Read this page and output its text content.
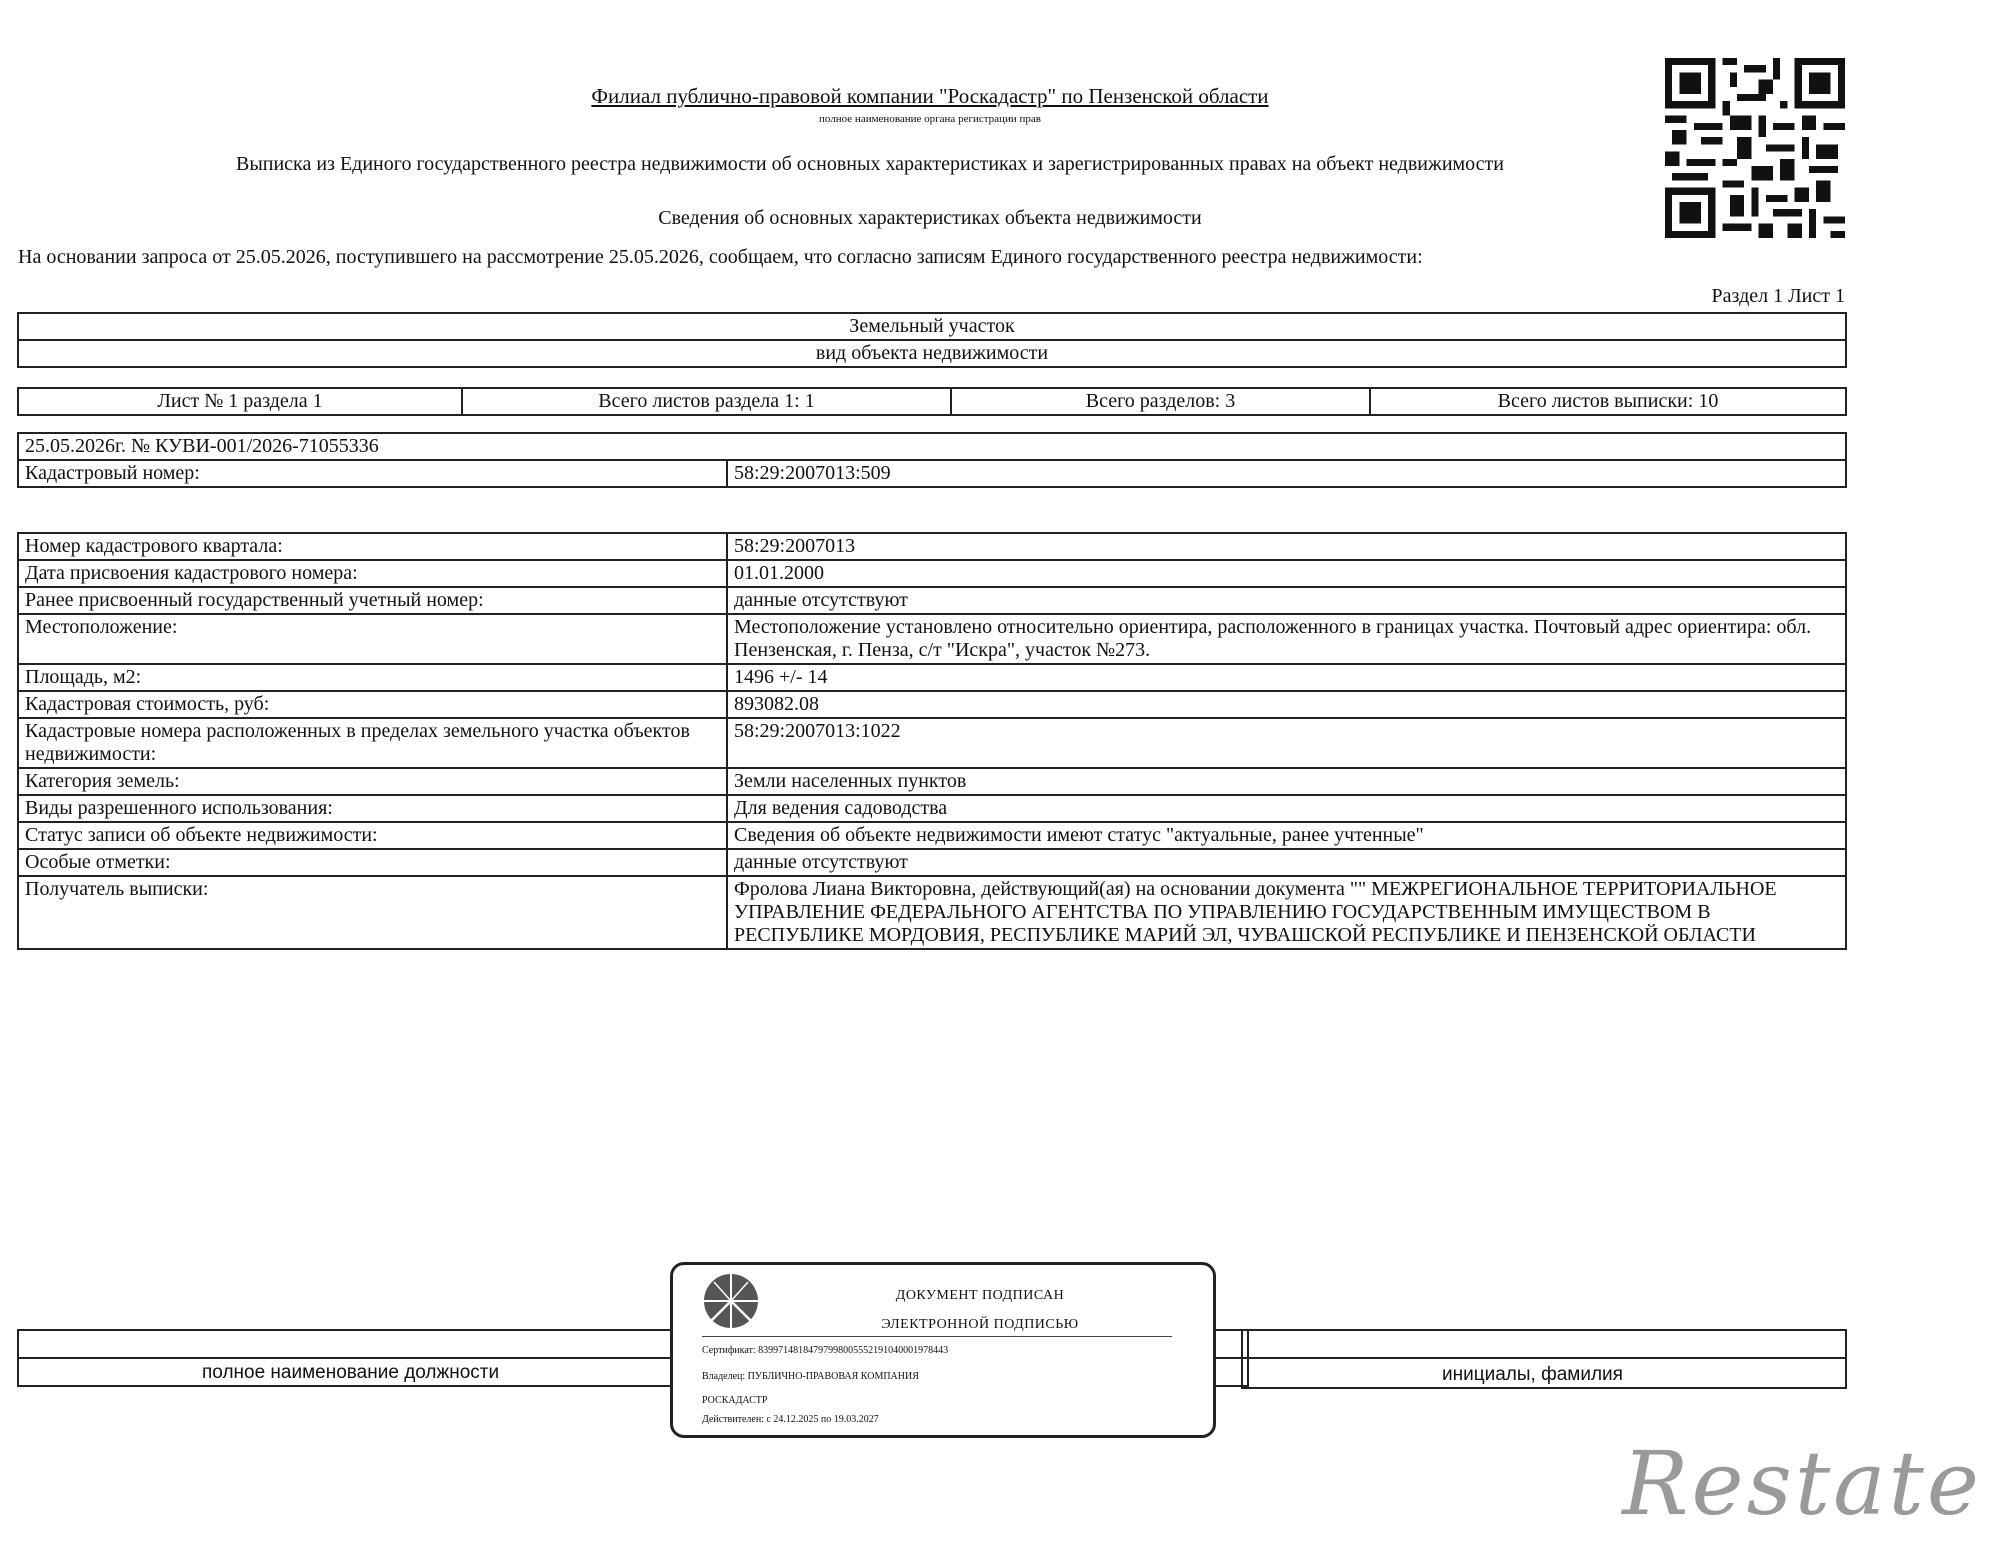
Филиал публично-правовой компании "Роскадастр" по Пензенской области
полное наименование органа регистрации прав
Выписка из Единого государственного реестра недвижимости об основных характеристиках и зарегистрированных правах на объект недвижимости
Сведения об основных характеристиках объекта недвижимости
На основании запроса от 25.05.2026, поступившего на рассмотрение 25.05.2026, сообщаем, что согласно записям Единого государственного реестра недвижимости:
Раздел 1 Лист 1
Земельный участок
вид объекта недвижимости
Лист № 1 раздела 1	Всего листов раздела 1: 1	Всего разделов: 3	Всего листов выписки: 10
25.05.2026г. № КУВИ-001/2026-71055336
Кадастровый номер:	58:29:2007013:509
Номер кадастрового квартала:	58:29:2007013
Дата присвоения кадастрового номера:	01.01.2000
Ранее присвоенный государственный учетный номер:	данные отсутствуют
Местоположение:	Местоположение установлено относительно ориентира, расположенного в границах участка. Почтовый адрес ориентира: обл. Пензенская, г. Пенза, с/т "Искра", участок №273.
Площадь, м2:	1496 +/- 14
Кадастровая стоимость, руб:	893082.08
Кадастровые номера расположенных в пределах земельного участка объектов недвижимости:	58:29:2007013:1022
Категория земель:	Земли населенных пунктов
Виды разрешенного использования:	Для ведения садоводства
Статус записи об объекте недвижимости:	Сведения об объекте недвижимости имеют статус "актуальные, ранее учтенные"
Особые отметки:	данные отсутствуют
Получатель выписки:	Фролова Лиана Викторовна, действующий(ая) на основании документа "" МЕЖРЕГИОНАЛЬНОЕ ТЕРРИТОРИАЛЬНОЕ УПРАВЛЕНИЕ ФЕДЕРАЛЬНОГО АГЕНТСТВА ПО УПРАВЛЕНИЮ ГОСУДАРСТВЕННЫМ ИМУЩЕСТВОМ В РЕСПУБЛИКЕ МОРДОВИЯ, РЕСПУБЛИКЕ МАРИЙ ЭЛ, ЧУВАШСКОЙ РЕСПУБЛИКЕ И ПЕНЗЕНСКОЙ ОБЛАСТИ
полное наименование должности	инициалы, фамилия
ДОКУМЕНТ ПОДПИСАН
ЭЛЕКТРОННОЙ ПОДПИСЬЮ
Сертификат: 83997148184797998005552191040001978443
Владелец: ПУБЛИЧНО-ПРАВОВАЯ КОМПАНИЯ
РОСКАДАСТР
Действителен: с 24.12.2025 по 19.03.2027
Restate
